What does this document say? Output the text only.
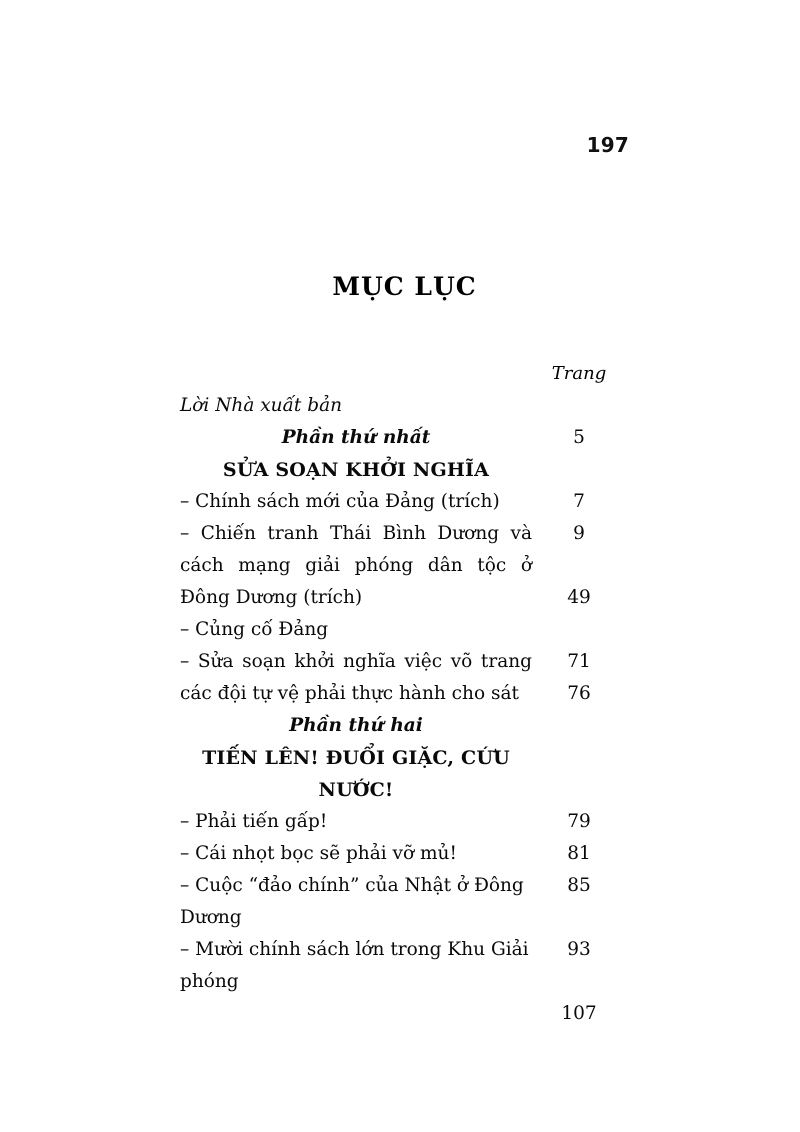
197
MỤC LỤC
Trang
Lời Nhà xuất bản
5
Phần thứ nhất
SỬA SOẠN KHỞI NGHĨA
7
– Chính sách mới của Đảng (trích)
9
– Chiến tranh Thái Bình Dương và cách mạng giải phóng dân tộc ở Đông Dương (trích)	49
– Củng cố Đảng
71
– Sửa soạn khởi nghĩa việc võ trang các đội tự vệ phải thực hành cho sát	76
Phần thứ hai
TIẾN LÊN! ĐUỔI GIẶC, CỨU NƯỚC!
79
– Phải tiến gấp!
81
– Cái nhọt bọc sẽ phải vỡ mủ!
85
– Cuộc “đảo chính” của Nhật ở Đông Dương
93
– Mười chính sách lớn trong Khu Giải phóng
107
